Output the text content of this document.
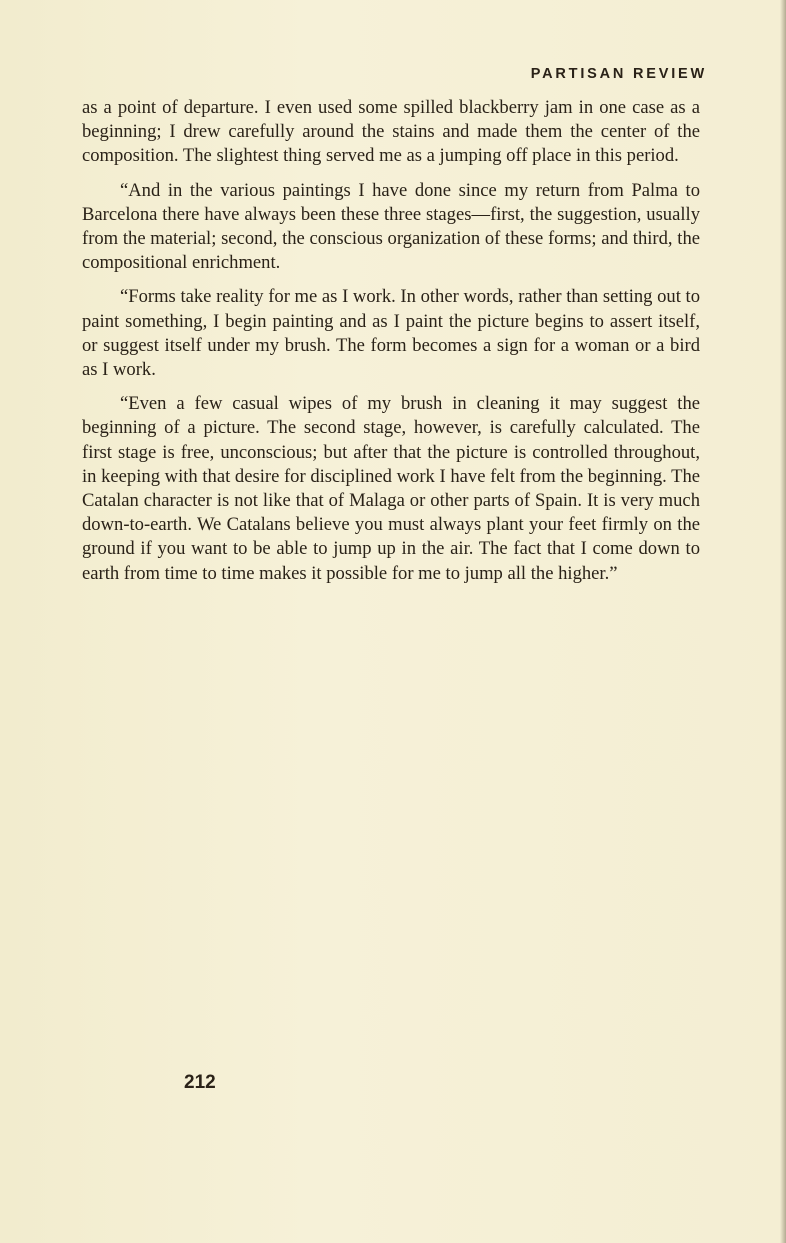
PARTISAN REVIEW

as a point of departure. I even used some spilled blackberry jam in one case as a beginning; I drew carefully around the stains and made them the center of the composition. The slightest thing served me as a jumping off place in this period.

“And in the various paintings I have done since my return from Palma to Barcelona there have always been these three stages—first, the suggestion, usually from the material; second, the conscious organization of these forms; and third, the compositional enrichment.

“Forms take reality for me as I work. In other words, rather than setting out to paint something, I begin painting and as I paint the picture begins to assert itself, or suggest itself under my brush. The form becomes a sign for a woman or a bird as I work.

“Even a few casual wipes of my brush in cleaning it may suggest the beginning of a picture. The second stage, however, is carefully calculated. The first stage is free, unconscious; but after that the picture is controlled throughout, in keeping with that desire for disciplined work I have felt from the beginning. The Catalan character is not like that of Malaga or other parts of Spain. It is very much down-to-earth. We Catalans believe you must always plant your feet firmly on the ground if you want to be able to jump up in the air. The fact that I come down to earth from time to time makes it possible for me to jump all the higher.”

212
